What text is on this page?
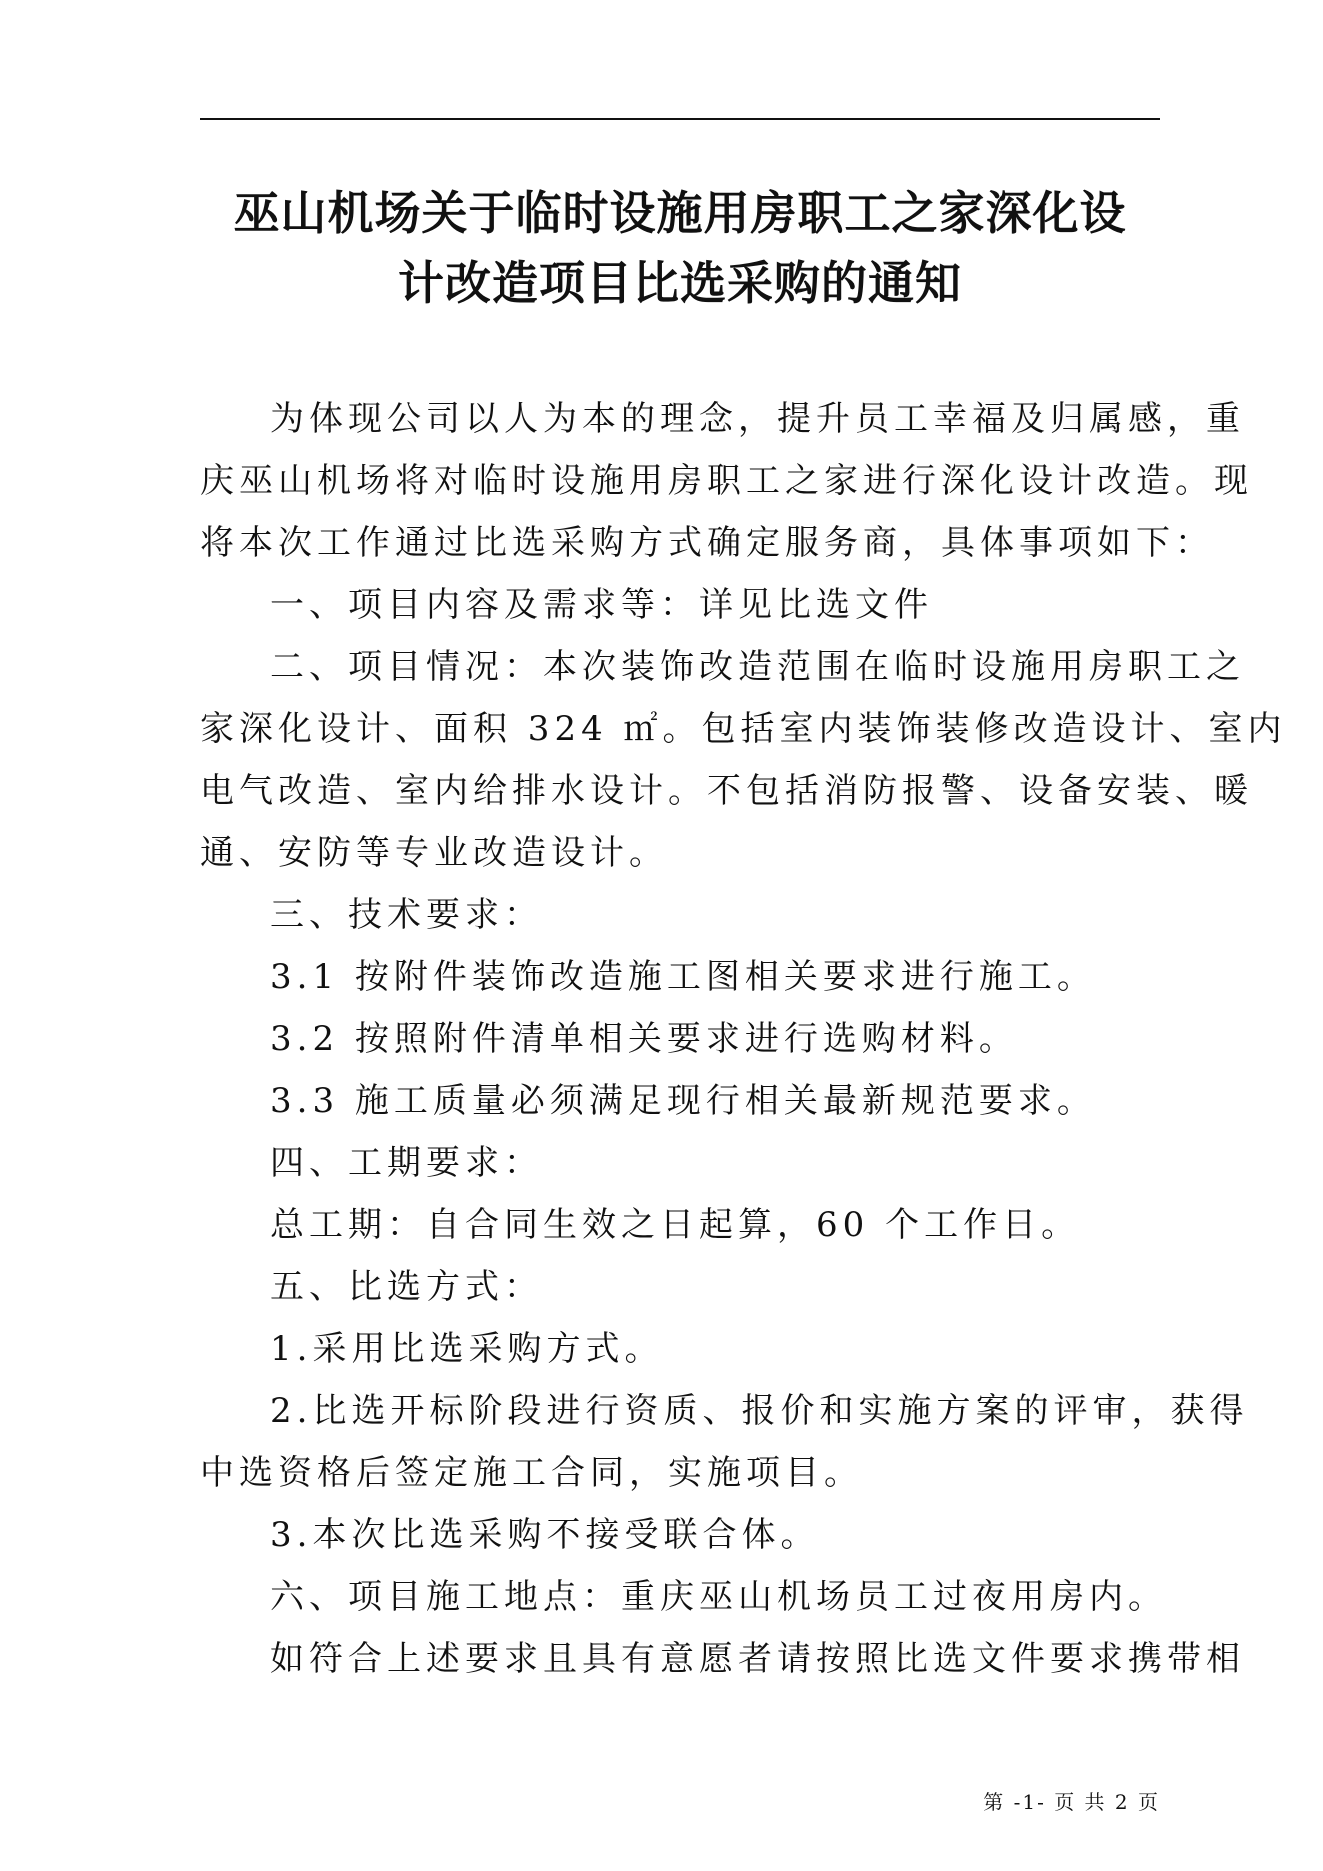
巫山机场关于临时设施用房职工之家深化设
计改造项目比选采购的通知

为体现公司以人为本的理念，提升员工幸福及归属感，重
庆巫山机场将对临时设施用房职工之家进行深化设计改造。现
将本次工作通过比选采购方式确定服务商，具体事项如下：

一、项目内容及需求等：详见比选文件

二、项目情况：本次装饰改造范围在临时设施用房职工之
家深化设计、面积 324 ㎡。包括室内装饰装修改造设计、室内
电气改造、室内给排水设计。不包括消防报警、设备安装、暖
通、安防等专业改造设计。

三、技术要求：
3.1 按附件装饰改造施工图相关要求进行施工。
3.2 按照附件清单相关要求进行选购材料。
3.3 施工质量必须满足现行相关最新规范要求。
四、工期要求：
总工期：自合同生效之日起算，60 个工作日。
五、比选方式：
1.采用比选采购方式。

2.比选开标阶段进行资质、报价和实施方案的评审，获得
中选资格后签定施工合同，实施项目。

3.本次比选采购不接受联合体。
六、项目施工地点：重庆巫山机场员工过夜用房内。

如符合上述要求且具有意愿者请按照比选文件要求携带相

第 -1- 页 共 2 页
